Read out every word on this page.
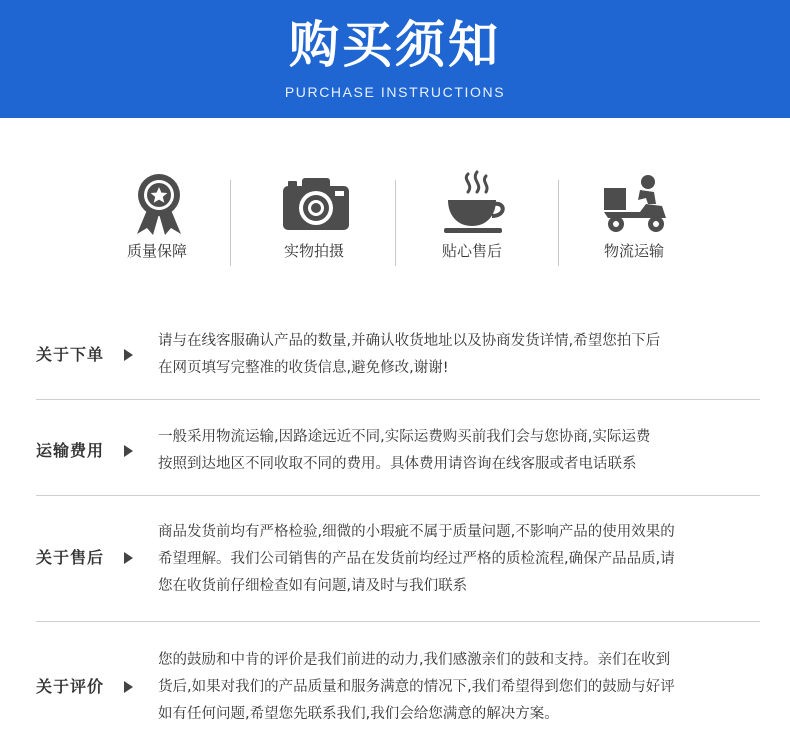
购买须知
PURCHASE INSTRUCTIONS
质量保障	实物拍摄	贴心售后	物流运输
关于下单

请与在线客服确认产品的数量,并确认收货地址以及协商发货详情,希望您拍下后
在网页填写完整准的收货信息,避免修改,谢谢!

运输费用

一般采用物流运输,因路途远近不同,实际运费购买前我们会与您协商,实际运费
按照到达地区不同收取不同的费用。具体费用请咨询在线客服或者电话联系

关于售后

商品发货前均有严格检验,细微的小瑕疵不属于质量问题,不影响产品的使用效果的
希望理解。我们公司销售的产品在发货前均经过严格的质检流程,确保产品品质,请
您在收货前仔细检查如有问题,请及时与我们联系

关于评价

您的鼓励和中肯的评价是我们前进的动力,我们感激亲们的鼓和支持。亲们在收到
货后,如果对我们的产品质量和服务满意的情况下,我们希望得到您们的鼓励与好评
如有任何问题,希望您先联系我们,我们会给您满意的解决方案。
